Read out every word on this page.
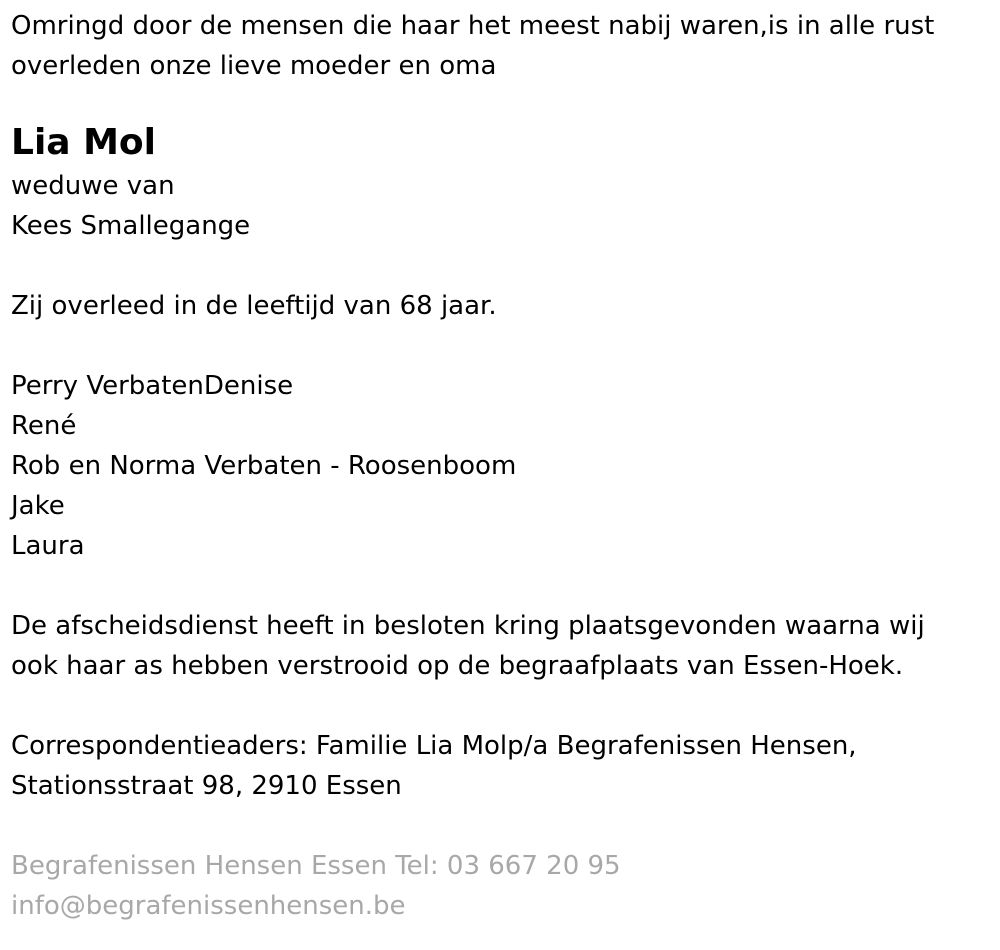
Omringd door de mensen die haar het meest nabij waren,is in alle rust

overleden onze lieve moeder en oma

Lia Mol

weduwe van

Kees Smallegange

Zij overleed in de leeftijd van 68 jaar.

Perry VerbatenDenise

René

Rob en Norma Verbaten - Roosenboom

Jake

Laura

De afscheidsdienst heeft in besloten kring plaatsgevonden waarna wij

ook haar as hebben verstrooid op de begraafplaats van Essen-Hoek.

Correspondentieaders: Familie Lia Molp/a Begrafenissen Hensen,

Stationsstraat 98, 2910 Essen

Begrafenissen Hensen Essen Tel: 03 667 20 95

info@begrafenissenhensen.be
